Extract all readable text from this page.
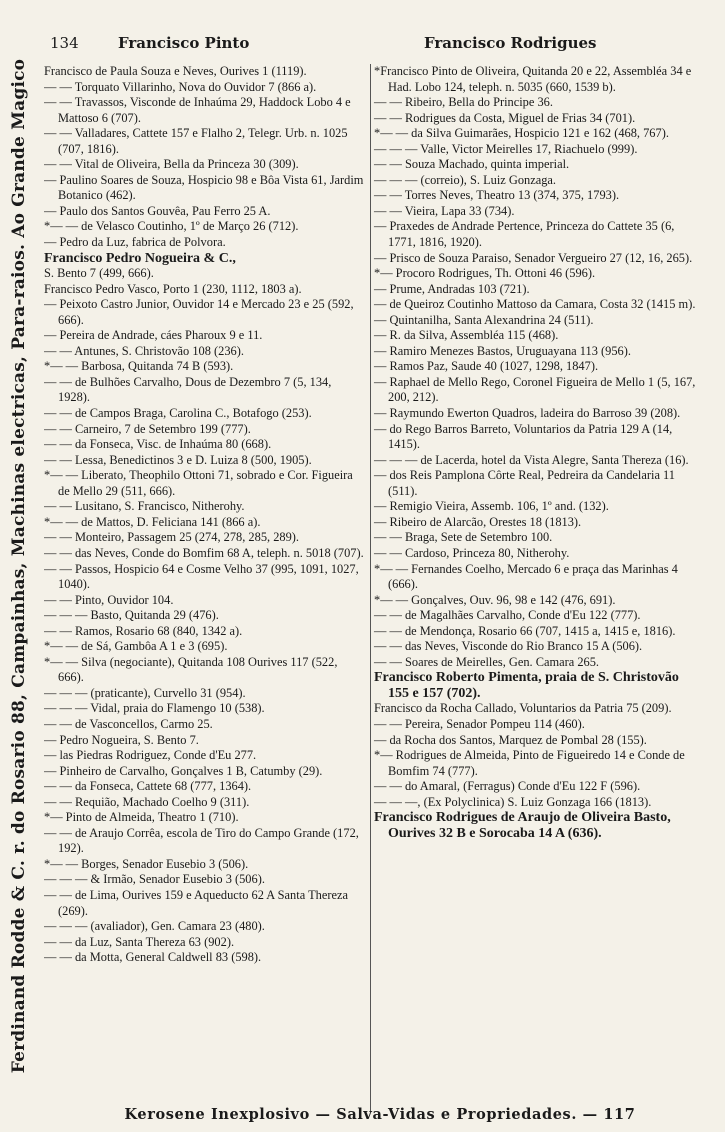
Ferdinand Rodde & C. r. do Rosario 88, Campainhas, Machinas electricas, Para-raios. Ao Grande Magico
134	Francisco Pinto	Francisco Rodrigues
Francisco de Paula Souza e Neves, Ourives 1 (1119).
— — Torquato Villarinho, Nova do Ouvidor 7 (866 a).
— — Travassos, Visconde de Inhaúma 29, Haddock Lobo 4 e Mattoso 6 (707).
— — Valladares, Cattete 157 e Flalho 2, Telegr. Urb. n. 1025 (707, 1816).
— — Vital de Oliveira, Bella da Princeza 30 (309).
— Paulino Soares de Souza, Hospicio 98 e Bôa Vista 61, Jardim Botanico (462).
— Paulo dos Santos Gouvêa, Pau Ferro 25 A.
*— — de Velasco Coutinho, 1º de Março 26 (712).
— Pedro da Luz, fabrica de Polvora.
Francisco Pedro Nogueira & C.,
S. Bento 7 (499, 666).
Francisco Pedro Vasco, Porto 1 (230, 1112, 1803 a).
— Peixoto Castro Junior, Ouvidor 14 e Mercado 23 e 25 (592, 666).
— Pereira de Andrade, cáes Pharoux 9 e 11.
— — Antunes, S. Christovão 108 (236).
*— — Barbosa, Quitanda 74 B (593).
— — de Bulhões Carvalho, Dous de Dezembro 7 (5, 134, 1928).
— — de Campos Braga, Carolina C., Botafogo (253).
— — Carneiro, 7 de Setembro 199 (777).
— — da Fonseca, Visc. de Inhaúma 80 (668).
— — Lessa, Benedictinos 3 e D. Luiza 8 (500, 1905).
*— — Liberato, Theophilo Ottoni 71, sobrado e Cor. Figueira de Mello 29 (511, 666).
— — Lusitano, S. Francisco, Nitherohy.
*— — de Mattos, D. Feliciana 141 (866 a).
— — Monteiro, Passagem 25 (274, 278, 285, 289).
— — das Neves, Conde do Bomfim 68 A, teleph. n. 5018 (707).
— — Passos, Hospicio 64 e Cosme Velho 37 (995, 1091, 1027, 1040).
— — Pinto, Ouvidor 104.
— — — Basto, Quitanda 29 (476).
— — Ramos, Rosario 68 (840, 1342 a).
*— — de Sá, Gambôa A 1 e 3 (695).
*— — Silva (negociante), Quitanda 108 Ourives 117 (522, 666).
— — — (praticante), Curvello 31 (954).
— — — Vidal, praia do Flamengo 10 (538).
— — de Vasconcellos, Carmo 25.
— Pedro Nogueira, S. Bento 7.
— las Piedras Rodriguez, Conde d'Eu 277.
— Pinheiro de Carvalho, Gonçalves 1 B, Catumby (29).
— — da Fonseca, Cattete 68 (777, 1364).
— — Requião, Machado Coelho 9 (311).
*— Pinto de Almeida, Theatro 1 (710).
— — de Araujo Corrêa, escola de Tiro do Campo Grande (172, 192).
*— — Borges, Senador Eusebio 3 (506).
— — — & Irmão, Senador Eusebio 3 (506).
— — de Lima, Ourives 159 e Aqueducto 62 A Santa Thereza (269).
— — — (avaliador), Gen. Camara 23 (480).
— — da Luz, Santa Thereza 63 (902).
— — da Motta, General Caldwell 83 (598).
*Francisco Pinto de Oliveira, Quitanda 20 e 22, Assembléa 34 e Had. Lobo 124, teleph. n. 5035 (660, 1539 b).
— — Ribeiro, Bella do Principe 36.
— — Rodrigues da Costa, Miguel de Frias 34 (701).
*— — da Silva Guimarães, Hospicio 121 e 162 (468, 767).
— — — Valle, Victor Meirelles 17, Riachuelo (999).
— — Souza Machado, quinta imperial.
— — — (correio), S. Luiz Gonzaga.
— — Torres Neves, Theatro 13 (374, 375, 1793).
— — Vieira, Lapa 33 (734).
— Praxedes de Andrade Pertence, Princeza do Cattete 35 (6, 1771, 1816, 1920).
— Prisco de Souza Paraiso, Senador Vergueiro 27 (12, 16, 265).
*— Procoro Rodrigues, Th. Ottoni 46 (596).
— Prume, Andradas 103 (721).
— de Queiroz Coutinho Mattoso da Camara, Costa 32 (1415 m).
— Quintanilha, Santa Alexandrina 24 (511).
— R. da Silva, Assembléa 115 (468).
— Ramiro Menezes Bastos, Uruguayana 113 (956).
— Ramos Paz, Saude 40 (1027, 1298, 1847).
— Raphael de Mello Rego, Coronel Figueira de Mello 1 (5, 167, 200, 212).
— Raymundo Ewerton Quadros, ladeira do Barroso 39 (208).
— do Rego Barros Barreto, Voluntarios da Patria 129 A (14, 1415).
— — — de Lacerda, hotel da Vista Alegre, Santa Thereza (16).
— dos Reis Pamplona Côrte Real, Pedreira da Candelaria 11 (511).
— Remigio Vieira, Assemb. 106, 1º and. (132).
— Ribeiro de Alarcão, Orestes 18 (1813).
— — Braga, Sete de Setembro 100.
— — Cardoso, Princeza 80, Nitherohy.
*— — Fernandes Coelho, Mercado 6 e praça das Marinhas 4 (666).
*— — Gonçalves, Ouv. 96, 98 e 142 (476, 691).
— — de Magalhães Carvalho, Conde d'Eu 122 (777).
— — de Mendonça, Rosario 66 (707, 1415 a, 1415 e, 1816).
— — das Neves, Visconde do Rio Branco 15 A (506).
— — Soares de Meirelles, Gen. Camara 265.
Francisco Roberto Pimenta, praia de S. Christovão 155 e 157 (702).
Francisco da Rocha Callado, Voluntarios da Patria 75 (209).
— — Pereira, Senador Pompeu 114 (460).
— da Rocha dos Santos, Marquez de Pombal 28 (155).
*— Rodrigues de Almeida, Pinto de Figueiredo 14 e Conde de Bomfim 74 (777).
— — do Amaral, (Ferragus) Conde d'Eu 122 F (596).
— — —, (Ex Polyclinica) S. Luiz Gonzaga 166 (1813).
Francisco Rodrigues de Araujo de Oliveira Basto, Ourives 32 B e Sorocaba 14 A (636).
Kerosene Inexplosivo — Salva-Vidas e Propriedades. — 117
